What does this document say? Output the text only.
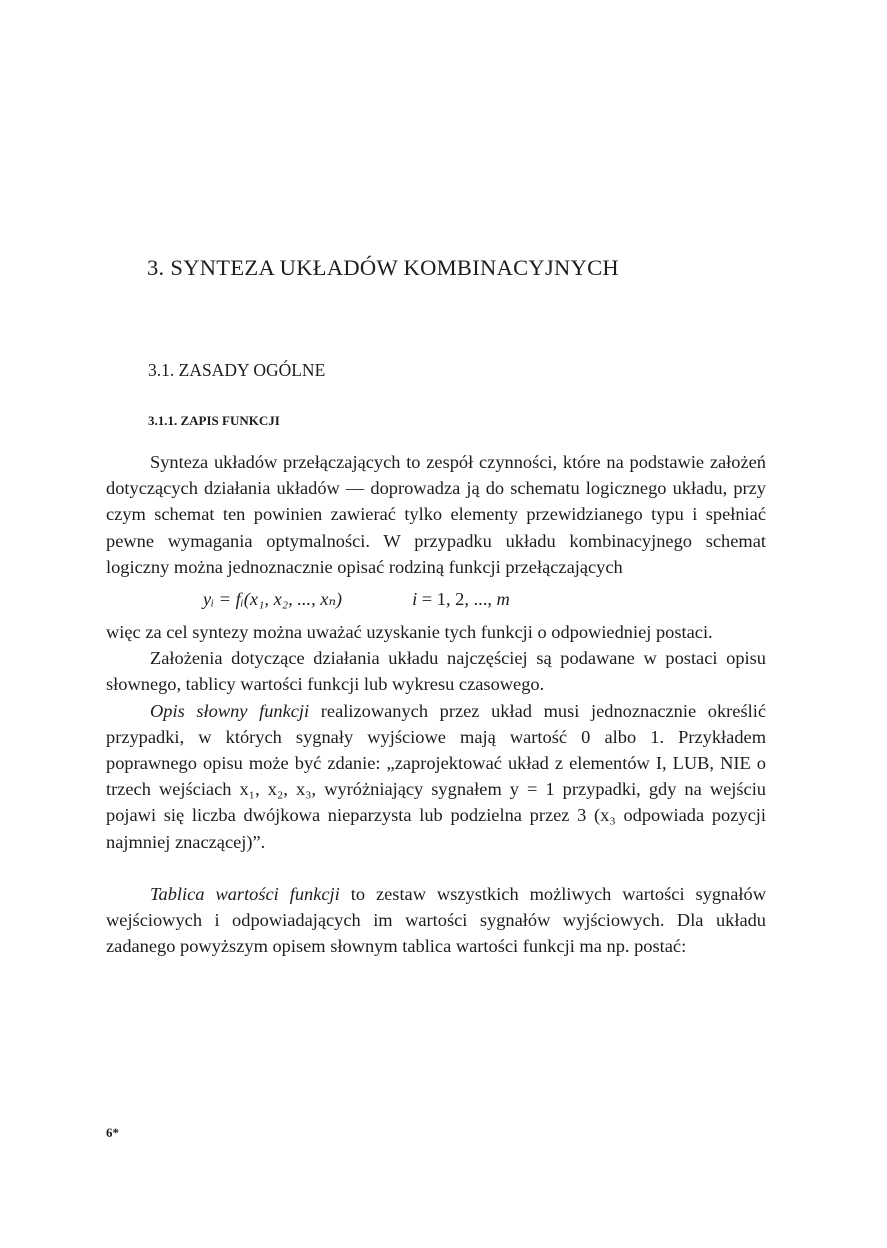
3. SYNTEZA UKŁADÓW KOMBINACYJNYCH
3.1. ZASADY OGÓLNE
3.1.1. ZAPIS FUNKCJI

Synteza układów przełączających to zespół czynności, które na podstawie założeń dotyczących działania układów — doprowadza ją do schematu logicznego układu, przy czym schemat ten powinien zawierać tylko elementy przewidzianego typu i spełniać pewne wymagania optymalności. W przypadku układu kombinacyjnego schemat logiczny można jednoznacznie opisać rodziną funkcji przełączających

yᵢ = fᵢ(x₁, x₂, ..., xₙ)	i = 1, 2, ..., m

więc za cel syntezy można uważać uzyskanie tych funkcji o odpowiedniej postaci.

Założenia dotyczące działania układu najczęściej są podawane w postaci opisu słownego, tablicy wartości funkcji lub wykresu czasowego.

Opis słowny funkcji realizowanych przez układ musi jednoznacznie określić przypadki, w których sygnały wyjściowe mają wartość 0 albo 1. Przykładem poprawnego opisu może być zdanie: „zaprojektować układ z elementów I, LUB, NIE o trzech wejściach x₁, x₂, x₃, wyróżniający sygnałem y = 1 przypadki, gdy na wejściu pojawi się liczba dwójkowa nieparzysta lub podzielna przez 3 (x₃ odpowiada pozycji najmniej znaczącej)”.

Tablica wartości funkcji to zestaw wszystkich możliwych wartości sygnałów wejściowych i odpowiadających im wartości sygnałów wyjściowych. Dla układu zadanego powyższym opisem słownym tablica wartości funkcji ma np. postać:

6*
